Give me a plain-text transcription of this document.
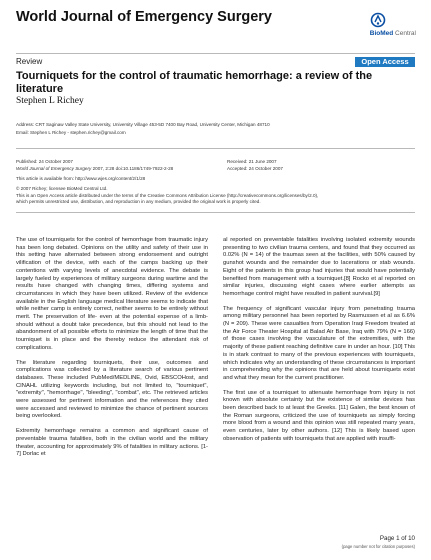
World Journal of Emergency Surgery
BioMed Central
Review	Open Access
Tourniquets for the control of traumatic hemorrhage: a review of the literature
Stephen L Richey
Address: CRT Saginaw Valley State University, University Village 453-5D 7400 Bay Road, University Center, Michigan 48710
Email: Stephen L Richey - stephen.richey@gmail.com
Published: 24 October 2007
World Journal of Emergency Surgery 2007, 2:28 doi:10.1186/1749-7922-2-28
Received: 21 June 2007
Accepted: 24 October 2007
This article is available from: http://www.wjes.org/content/2/1/28
© 2007 Richey; licensee BioMed Central Ltd.
This is an Open Access article distributed under the terms of the Creative Commons Attribution License (http://creativecommons.org/licenses/by/2.0),
which permits unrestricted use, distribution, and reproduction in any medium, provided the original work is properly cited.

The use of tourniquets for the control of hemorrhage from traumatic injury has been long debated. Opinions on the utility and safety of their use in this setting have alternated between strong endorsement and outright vilification of the device, with each of the camps backing up their contentions with varying levels of anecdotal evidence. The debate is largely fueled by experiences of military surgeons during wartime and the results have changed with changing times, differing systems and circumstances in which they have been utilized. Review of the evidence available in the English language medical literature seems to indicate that while neither camp is entirely correct, neither seems to be entirely without merit. The preservation of life- even at the potential expense of a limb- should without a doubt take precedence, but this should not lead to the abandonment of all possible efforts to minimize the length of time that the tourniquet is in place and the thereby reduce the attendant risk of complications.

The literature regarding tourniquets, their use, outcomes and complications was collected by a literature search of various pertinent databases. These included PubMed/MEDLINE, Ovid, EBSCOHost, and CINAHL utilizing keywords including, but not limited to, "tourniquet", "extremity", "hemorrhage", "bleeding", "combat", etc. The retrieved articles were assessed for pertinent information and the references they cited were accessed and reviewed to minimize the chance of pertinent sources being overlooked.

Extremity hemorrhage remains a common and significant cause of preventable trauma fatalities, both in the civilian world and the military theater, accounting for approximately 9% of fatalities in military actions. [1-7] Dorlac et

al reported on preventable fatalities involving isolated extremity wounds presenting to two civilian trauma centers, and found that they occurred as 0.02% (N = 14) of the traumas seen at the facilities, with 50% caused by gunshot wounds and the remainder due to lacerations or stab wounds. Eight of the patients in this group had injuries that would have potentially benefited from management with a tourniquet.[8] Rocko et al reported on similar injuries, discussing eight cases where earlier attempts as hemorrhage control might have resulted in patient survival.[9]

The frequency of significant vascular injury from penetrating trauma among military personnel has been reported by Rasmussen et al as 6.6% (N = 209). These were casualties from Operation Iraqi Freedom treated at the Air Force Theater Hospital at Balad Air Base, Iraq with 79% (N = 166) of those cases involving the vasculature of the extremities, with the majority of these patient reaching definitive care in under an hour. [10] This is in stark contrast to many of the previous experiences with tourniquets, which indicates why an understanding of these circumstances is important in comprehending why the opinions that are held about tourniquets exist and what they mean for the current practitioner.

The first use of a tourniquet to attenuate hemorrhage from injury is not known with absolute certainty but the existence of similar devices has been described back to at least the Greeks. [11] Galen, the best known of the Roman surgeons, criticized the use of tourniquets as simply forcing more blood from a wound and this opinion was still repeated many years, even centuries, later by other authors. [12] This is likely based upon observation of patients with tourniquets that are applied with insuffi-

Page 1 of 10
(page number not for citation purposes)
